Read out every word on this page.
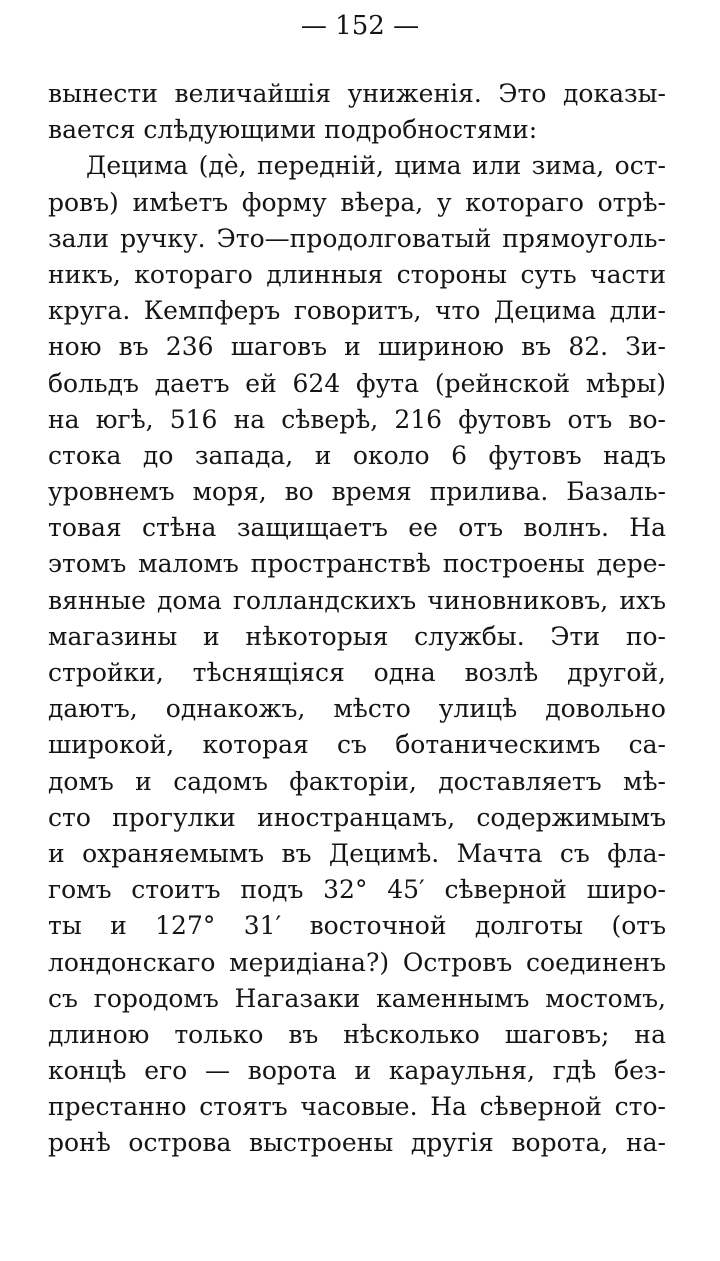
— 152 —
вынести величайшія униженія. Это доказы-
вается слѣдующими подробностями:
Децима (дѐ, передній, цима или зима, ост-
ровъ) имѣетъ форму вѣера, у котораго отрѣ-
зали ручку. Это—продолговатый прямоуголь-
никъ, котораго длинныя стороны суть части
круга. Кемпферъ говоритъ, что Децима дли-
ною въ 236 шаговъ и шириною въ 82. Зи-
больдъ даетъ ей 624 фута (рейнской мѣры)
на югѣ, 516 на сѣверѣ, 216 футовъ отъ во-
стока до запада, и около 6 футовъ надъ
уровнемъ моря, во время прилива. Базаль-
товая стѣна защищаетъ ее отъ волнъ. На
этомъ маломъ пространствѣ построены дере-
вянные дома голландскихъ чиновниковъ, ихъ
магазины и нѣкоторыя службы. Эти по-
стройки, тѣснящіяся одна возлѣ другой,
даютъ, однакожъ, мѣсто улицѣ довольно
широкой, которая съ ботаническимъ са-
домъ и садомъ факторіи, доставляетъ мѣ-
сто прогулки иностранцамъ, содержимымъ
и охраняемымъ въ Децимѣ. Мачта съ фла-
гомъ стоитъ подъ 32° 45′ сѣверной широ-
ты и 127° 31′ восточной долготы (отъ
лондонскаго меридіана?) Островъ соединенъ
съ городомъ Нагазаки каменнымъ мостомъ,
длиною только въ нѣсколько шаговъ; на
концѣ его — ворота и караульня, гдѣ без-
престанно стоятъ часовые. На сѣверной сто-
ронѣ острова выстроены другія ворота, на-
